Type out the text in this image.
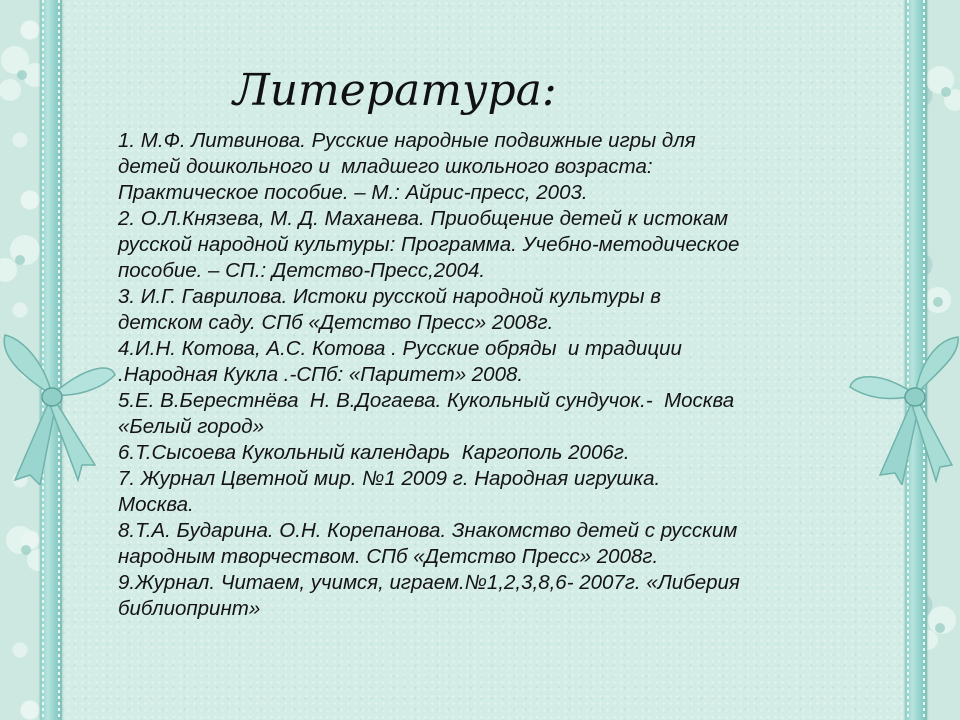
Литература:
1. М.Ф. Литвинова. Русские народные подвижные игры для
детей дошкольного и  младшего школьного возраста:
Практическое пособие. – М.: Айрис-пресс, 2003.
2. О.Л.Князева, М. Д. Маханева. Приобщение детей к истокам
русской народной культуры: Программа. Учебно-методическое
пособие. – СП.: Детство-Пресс,2004.
3. И.Г. Гаврилова. Истоки русской народной культуры в
детском саду. СПб «Детство Пресс» 2008г.
4.И.Н. Котова, А.С. Котова . Русские обряды  и традиции
.Народная Кукла .-СПб: «Паритет» 2008.
5.Е. В.Берестнёва  Н. В.Догаева. Кукольный сундучок.-  Москва
«Белый город»
6.Т.Сысоева Кукольный календарь  Каргополь 2006г.
7. Журнал Цветной мир. №1 2009 г. Народная игрушка.
Москва.
8.Т.А. Бударина. О.Н. Корепанова. Знакомство детей с русским
народным творчеством. СПб «Детство Пресс» 2008г.
9.Журнал. Читаем, учимся, играем.№1,2,3,8,6- 2007г. «Либерия
библиопринт»
